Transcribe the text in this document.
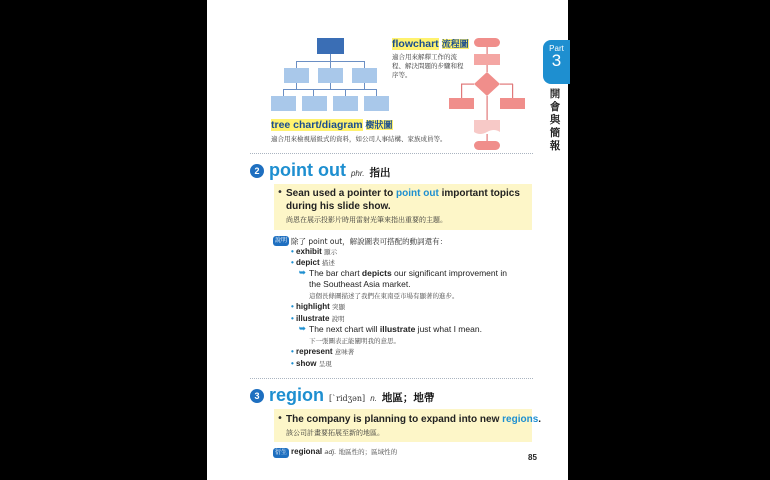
Part
3
開會與簡報
flowchart 流程圖
適合用來解釋工作的流程、解決問題的步驟和程序等。
tree chart/diagram 樹狀圖
適合用來檢視層級式的資料，如公司人事結構、家族成員等。
2 point out phr. 指出
• Sean used a pointer to point out important topics during his slide show.
尚恩在展示投影片時用雷射光筆來指出重要的主題。
說明 除了 point out，解說圖表可搭配的動詞還有：
• exhibit 顯示
• depict 描述
➥ The bar chart depicts our significant improvement in the Southeast Asia market.
這個長條圖描述了我們在東南亞市場有顯著的進步。
• highlight 突顯
• illustrate 說明
➥ The next chart will illustrate just what I mean.
下一張圖表正能闡明我的意思。
• represent 意味著
• show 呈現
3 region [ˋridʒən] n. 地區；地帶
• The company is planning to expand into new regions.
該公司計畫要拓展至新的地區。
衍生 regional adj. 地區性的；區域性的
85
